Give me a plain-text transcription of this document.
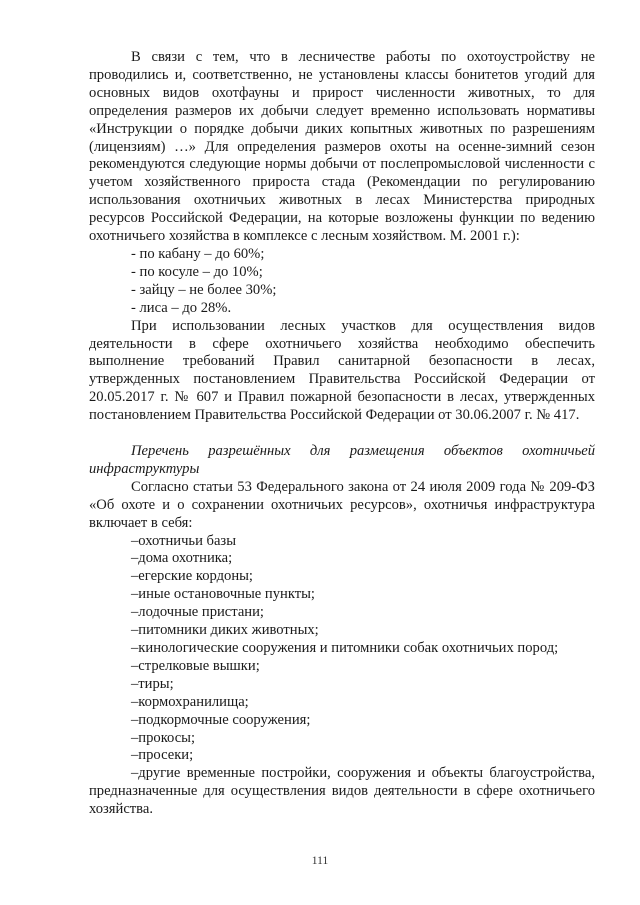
В связи с тем, что в лесничестве работы по охотоустройству не проводились и, соответственно, не установлены классы бонитетов угодий для основных видов охотфауны и прирост численности животных, то для определения размеров их добычи следует временно использовать нормативы «Инструкции о порядке добычи диких копытных животных по разрешениям (лицензиям) …» Для определения размеров охоты на осенне-зимний сезон рекомендуются следующие нормы добычи от послепромысловой численности с учетом хозяйственного прироста стада (Рекомендации по регулированию использования охотничьих животных в лесах Министерства природных ресурсов Российской Федерации, на которые возложены функции по ведению охотничьего хозяйства в комплексе с лесным хозяйством. М. 2001 г.):

- по кабану – до 60%;

- по косуле – до 10%;

- зайцу – не более 30%;

- лиса – до 28%.

При использовании лесных участков для осуществления видов деятельности в сфере охотничьего хозяйства необходимо обеспечить выполнение требований Правил санитарной безопасности в лесах, утвержденных постановлением Правительства Российской Федерации от 20.05.2017 г. № 607 и Правил пожарной безопасности в лесах, утвержденных постановлением Правительства Российской Федерации от 30.06.2007 г. № 417.

Перечень разрешённых для размещения объектов охотничьей инфраструктуры

Согласно статьи 53 Федерального закона от 24 июля 2009 года № 209-ФЗ «Об охоте и о сохранении охотничьих ресурсов», охотничья инфраструктура включает в себя:

–охотничьи базы

–дома охотника;

–егерские кордоны;

–иные остановочные пункты;

–лодочные пристани;

–питомники диких животных;

–кинологические сооружения и питомники собак охотничьих пород;

–стрелковые вышки;

–тиры;

–кормохранилища;

–подкормочные сооружения;

–прокосы;

–просеки;

–другие временные постройки, сооружения и объекты благоустройства, предназначенные для осуществления видов деятельности в сфере охотничьего хозяйства.

111
